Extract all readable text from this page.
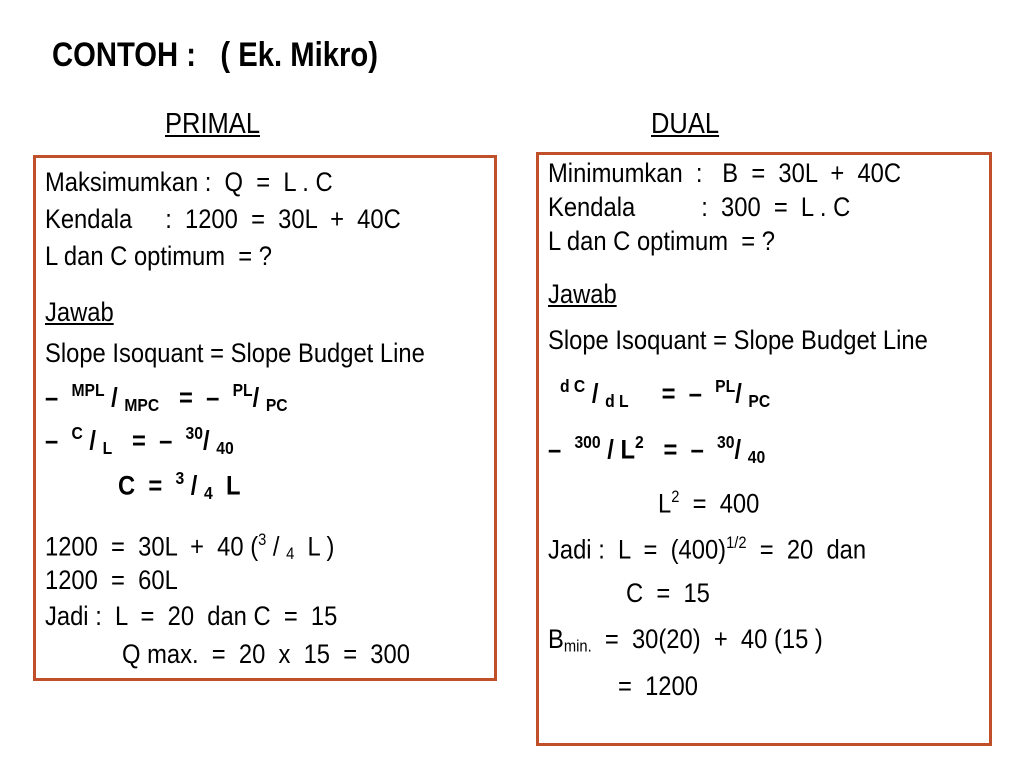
CONTOH :   ( Ek. Mikro)
PRIMAL	DUAL
Maksimumkan :  Q  =  L . C
Kendala     :  1200  =  30L  +  40C
L dan C optimum  = ?
Jawab
Slope Isoquant = Slope Budget Line
– $^{MPL}$ / MPC = – $^{PL}$/ PC
– $^C$ / L = – $^{30}$/ 40
C  = $^3$ / 4 L
1200  =  30L  +  40 ($^3$ / $_4$  L )
1200  =  60L
Jadi :  L  =  20  dan C  =  15
Q max.  =  20  x  15  =  300
Minimumkan  :   B  =  30L  +  40C
Kendala          :  300  =  L . C
L dan C optimum  = ?
Jawab
Slope Isoquant = Slope Budget Line
$^{d C}$ / d L = – $^{PL}$/ PC
– $^{300} / L^2$ = – $^{30}$/ 40
$L^2 = 400$
Jadi :  $L = (400)^{1/2} = 20$  dan
C  =  15
$B_{min.} = 30(20) + 40$ (15 )
=  1200
